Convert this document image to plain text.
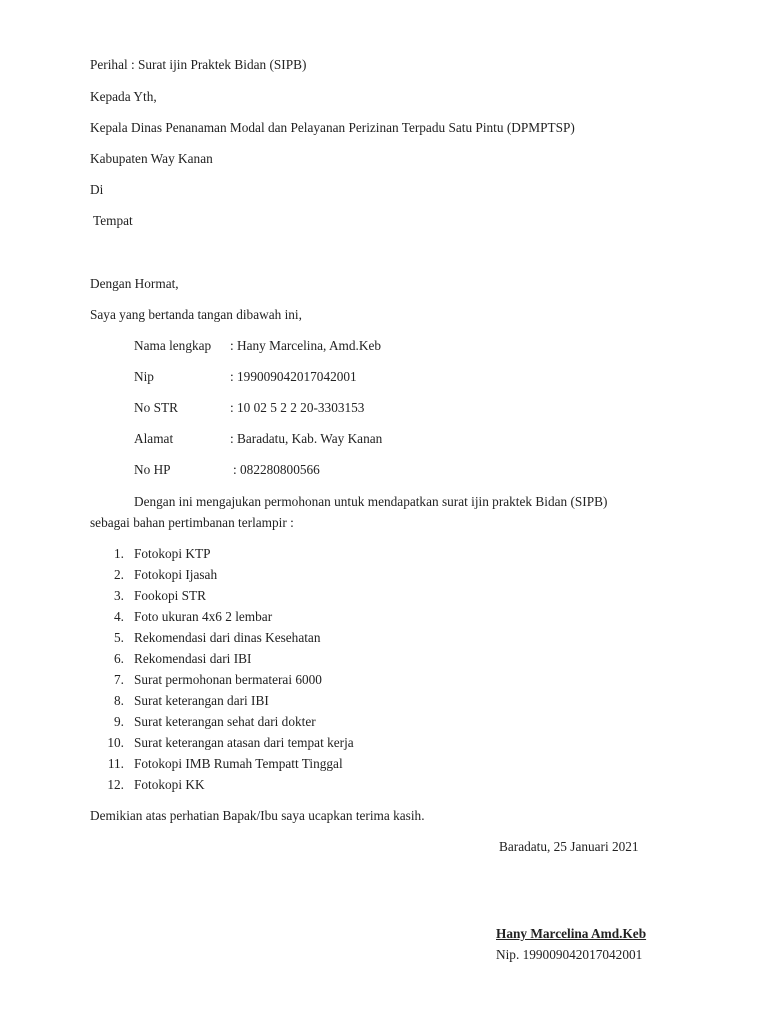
Perihal : Surat ijin Praktek Bidan (SIPB)
Kepada Yth,
Kepala Dinas Penanaman Modal dan Pelayanan Perizinan Terpadu Satu Pintu (DPMPTSP)
Kabupaten Way Kanan
Di
Tempat
Dengan Hormat,
Saya yang bertanda tangan dibawah ini,
Nama lengkap : Hany Marcelina, Amd.Keb
Nip	: 199009042017042001
No STR	: 10 02 5 2 2 20-3303153
Alamat	: Baradatu, Kab. Way Kanan
No HP	: 082280800566
Dengan ini mengajukan permohonan untuk mendapatkan surat ijin praktek Bidan (SIPB)
sebagai bahan pertimbanan terlampir :
1. Fotokopi KTP
2. Fotokopi Ijasah
3. Fookopi STR
4. Foto ukuran 4x6 2 lembar
5. Rekomendasi dari dinas Kesehatan
6. Rekomendasi dari IBI
7. Surat permohonan bermaterai 6000
8. Surat keterangan dari IBI
9. Surat keterangan sehat dari dokter
10. Surat keterangan atasan dari tempat kerja
11. Fotokopi IMB Rumah Tempatt Tinggal
12. Fotokopi KK
Demikian atas perhatian Bapak/Ibu saya ucapkan terima kasih.
Baradatu, 25 Januari 2021
Hany Marcelina Amd.Keb
Nip. 199009042017042001
